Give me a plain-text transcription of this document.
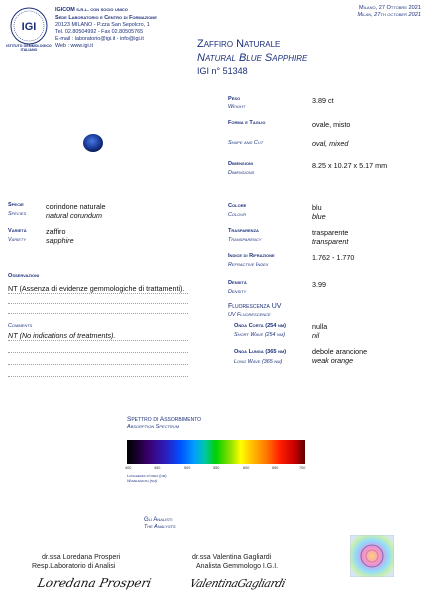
IGI
ISTITUTO GEMMOLOGICO ITALIANO
IGICOM s.r.l. con socio unico
Sede Laboratorio e Centro di Formazione
20123 MILANO - P.zza San Sepolcro, 1
Tel. 02.80504992 - Fax 02.80505765
E-mail : laboratorio@igi.it - info@igi.it
Web : www.igi.it
Milano, 27 Ottobre 2021
Milan, 27th october 2021
Zaffiro Naturale
Natural Blue Sapphire
IGI n° 51348
Peso
Weight
3.89 ct
Forma e Taglio	ovale, misto
Shape and Cut	oval, mixed
Dimensioni
Dimensions
8.25 x 10.27 x 5.17 mm
Colore
Colour
blu
blue
Trasparenza
Transparency
trasparente
transparent
Indice di Rifrazione
Refractive Index
1.762 - 1.770
Densità
Density
3.99
Fluorescenza UV
UV Fluorescence
Onda Corta (254 nm)
Short Wave (254 nm)
nulla
nil
Onda Lunga (365 nm)
Long Wave (365 nm)
debole arancione
weak orange
Specie
Species
corindone naturale
natural corundum
Varietà
Variety
zaffiro
sapphire
Osservazioni
NT (Assenza di evidenze gemmologiche di trattamenti).
Comments
NT (No indications of treatments).
Spettro di Assorbimento
Absorption Spectrum
400	450	500	550	600	650	700
Lunghezza d'onda (nm)
Wavelength (nm)
Gli Analisti
The Analysts
dr.ssa Loredana Prosperi
Resp.Laboratorio di Analisi
Loredana Prosperi
dr.ssa Valentina Gagliardi
Analista Gemmologo I.G.I.
ValentinaGagliardi
